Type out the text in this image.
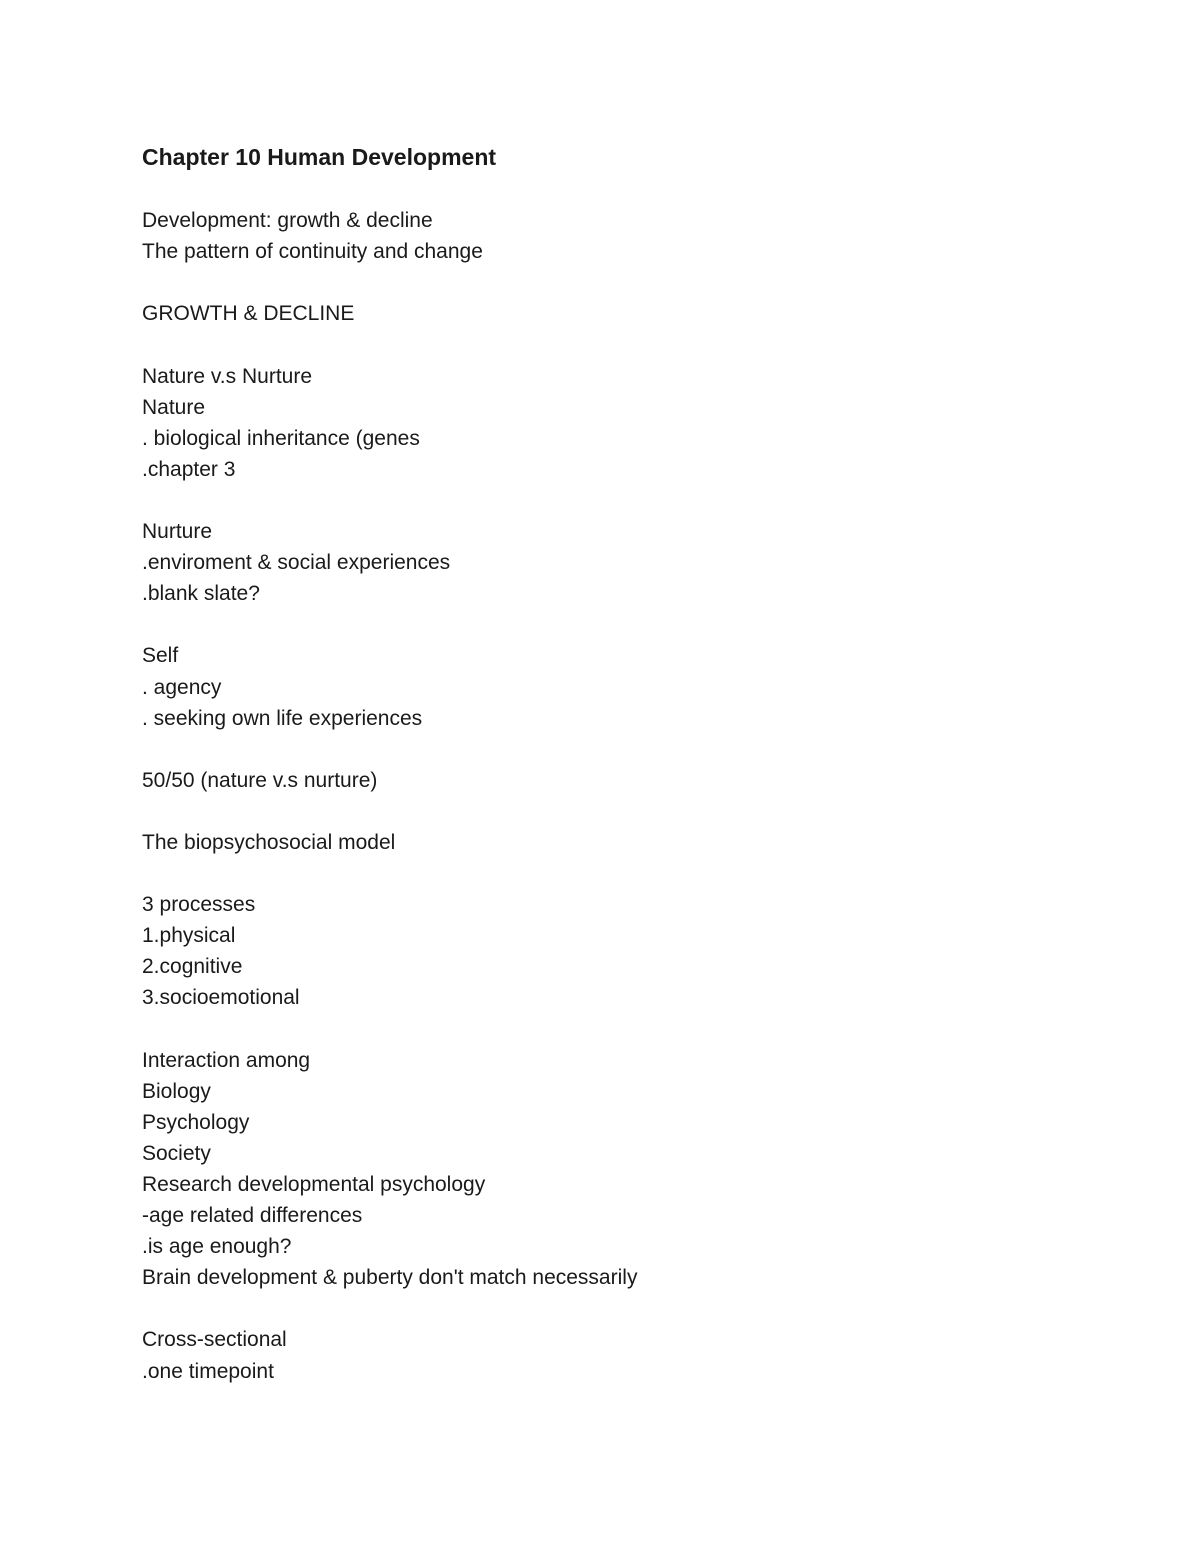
Chapter 10 Human Development
Development: growth & decline
The pattern of continuity and change
GROWTH & DECLINE
Nature v.s Nurture
Nature
. biological inheritance (genes
.chapter 3
Nurture
.enviroment & social experiences
.blank slate?
Self
. agency
. seeking own life experiences
50/50 (nature v.s nurture)
The biopsychosocial model
3 processes
1.physical
2.cognitive
3.socioemotional
Interaction among
Biology
Psychology
Society
Research developmental psychology
-age related differences
.is age enough?
Brain development & puberty don't match necessarily
Cross-sectional
.one timepoint
